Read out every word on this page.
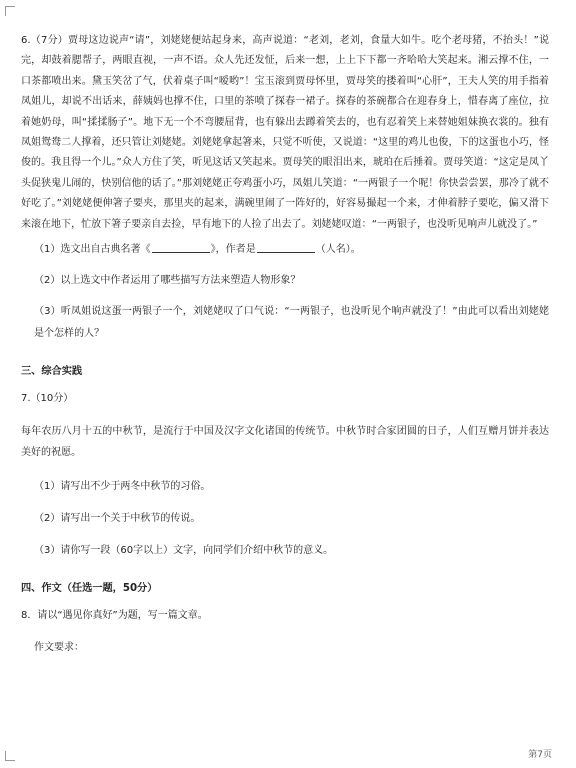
6.（7分）贾母这边说声“请”，刘姥姥便站起身来，高声说道：“老刘，老刘，食量大如牛。吃个老母猪，不抬头！”说完，却鼓着腮帮子，两眼直视，一声不语。众人先还发怔，后来一想，上上下下都一齐哈哈大笑起来。湘云撑不住，一口茶都喷出来。黛玉笑岔了气，伏着桌子叫“嗳哟”！宝玉滚到贾母怀里，贾母笑的搂着叫“心肝”，王夫人笑的用手指着凤姐儿，却说不出话来，薛姨妈也撑不住，口里的茶喷了探春一裙子。探春的茶碗都合在迎春身上，惜春离了座位，拉着她奶母，叫“揉揉肠子”。地下无一个不弯腰屈背，也有躲出去蹲着笑去的，也有忍着笑上来替她姐妹换衣裳的。独有凤姐鸳鸯二人撑着，还只管让刘姥姥。刘姥姥拿起箸来，只觉不听使，又说道：“这里的鸡儿也俊，下的这蛋也小巧，怪俊的。我且得一个儿。”众人方住了笑，听见这话又笑起来。贾母笑的眼泪出来，琥珀在后捶着。贾母笑道：“这定是凤丫头促狭鬼儿闹的，快别信他的话了。”那刘姥姥正夸鸡蛋小巧，凤姐儿笑道：“一两银子一个呢！你快尝尝罢，那冷了就不好吃了。”刘姥姥便伸箸子要夹，那里夹的起来，满碗里闹了一阵好的，好容易撮起一个来，才伸着脖子要吃，偏又滑下来滚在地下，忙放下箸子要亲自去捡，早有地下的人捡了出去了。刘姥姥叹道：“一两银子，也没听见响声儿就没了。”

（1）选文出自古典名著《	》，作者是	（人名）。

（2）以上选文中作者运用了哪些描写方法来塑造人物形象？

（3）听凤姐说这蛋一两银子一个，刘姥姥叹了口气说：“一两银子，也没听见个响声就没了！”由此可以看出刘姥姥是个怎样的人？

三、综合实践

7.（10分）

每年农历八月十五的中秋节，是流行于中国及汉字文化诸国的传统节。中秋节时合家团圆的日子，人们互赠月饼并表达美好的祝愿。

（1）请写出不少于两冬中秋节的习俗。

（2）请写出一个关于中秋节的传说。

（3）请你写一段（60字以上）文字，向同学们介绍中秋节的意义。

四、作文（任选一题，50分）

8．请以“遇见你真好”为题，写一篇文章。

作文要求：

第7页
